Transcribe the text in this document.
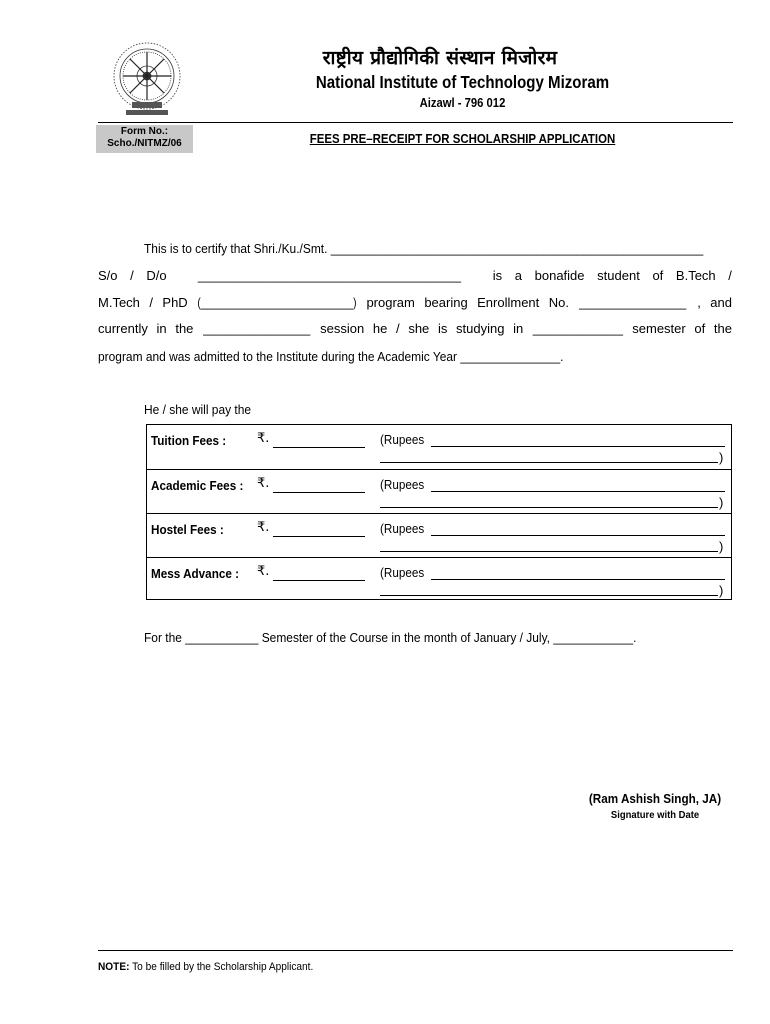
राष्ट्रीय प्रौद्योगिकी संस्थान मिजोरम
National Institute of Technology Mizoram
Aizawl - 796 012
Form No.:
Scho./NITMZ/06	FEES PRE–RECEIPT FOR SCHOLARSHIP APPLICATION
This is to certify that Shri./Ku./Smt. ________________________________________________________
S/o / D/o ________________________________________________________ is a bonafide student of B.Tech /
M.Tech / PhD (___________________________) program bearing Enrollment No. ___________________ , and
currently in the ___________________ session he / she is studying in ________________ semester of the
program and was admitted to the Institute during the Academic Year _______________.
He / she will pay the
Tuition Fees : ₹.	(Rupees
)
Academic Fees : ₹.	(Rupees
)
Hostel Fees :	₹.	(Rupees
)
Mess Advance : ₹.	(Rupees
)
For the ___________ Semester of the Course in the month of January / July, ____________.
(Ram Ashish Singh, JA)
Signature with Date
NOTE: To be filled by the Scholarship Applicant.
